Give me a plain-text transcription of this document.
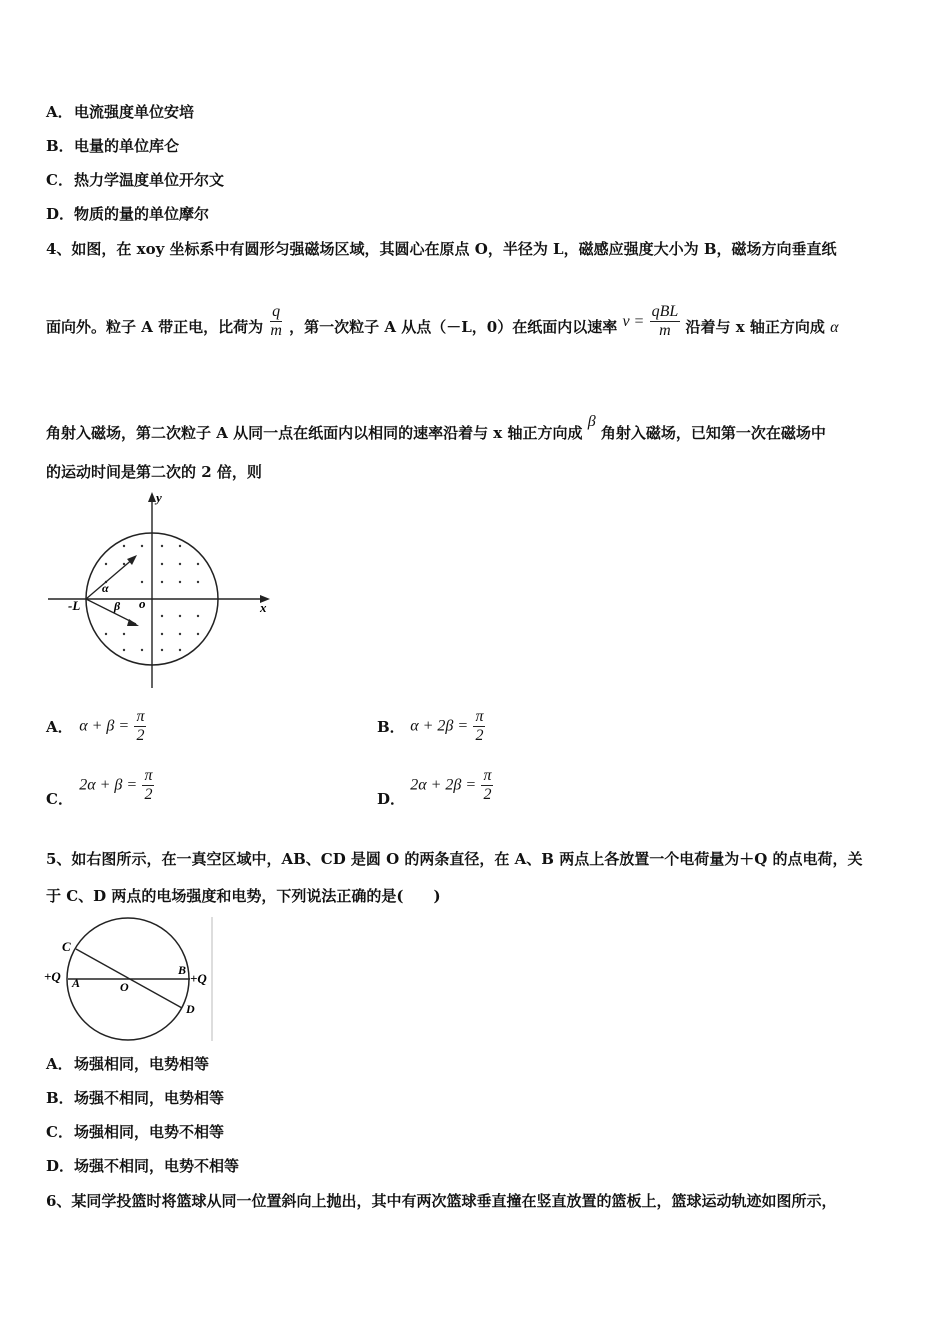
A．电流强度单位安培
B．电量的单位库仑
C．热力学温度单位开尔文
D．物质的量的单位摩尔
4、如图，在 xoy 坐标系中有圆形匀强磁场区域，其圆心在原点 O，半径为 L，磁感应强度大小为 B，磁场方向垂直纸
面向外。粒子 A 带正电，比荷为 $\frac{q}{m}$ ，第一次粒子 A 从点（－L，0）在纸面内以速率 $v = \frac{\text{qBL}}{m}$ 沿着与 x 轴正方向成 α
角射入磁场，第二次粒子 A 从同一点在纸面内以相同的速率沿着与 x 轴正方向成 β 角射入磁场，已知第一次在磁场中
的运动时间是第二次的 2 倍，则
y
x
-L	o
α
β
A． $\alpha + \beta = \frac{\pi}{2}$	B． $\alpha + 2\beta = \frac{\pi}{2}$
C． $2\alpha + \beta = \frac{\pi}{2}$	D． $2\alpha + 2\beta = \frac{\pi}{2}$
5、如右图所示，在一真空区域中，AB、CD 是圆 O 的两条直径，在 A、B 两点上各放置一个电荷量为＋Q 的点电荷，关
于 C、D 两点的电场强度和电势，下列说法正确的是(　　)
C
+Q A	O
B
+Q
D
A．场强相同，电势相等
B．场强不相同，电势相等
C．场强相同，电势不相等
D．场强不相同，电势不相等
6、某同学投篮时将篮球从同一位置斜向上抛出，其中有两次篮球垂直撞在竖直放置的篮板上，篮球运动轨迹如图所示，
